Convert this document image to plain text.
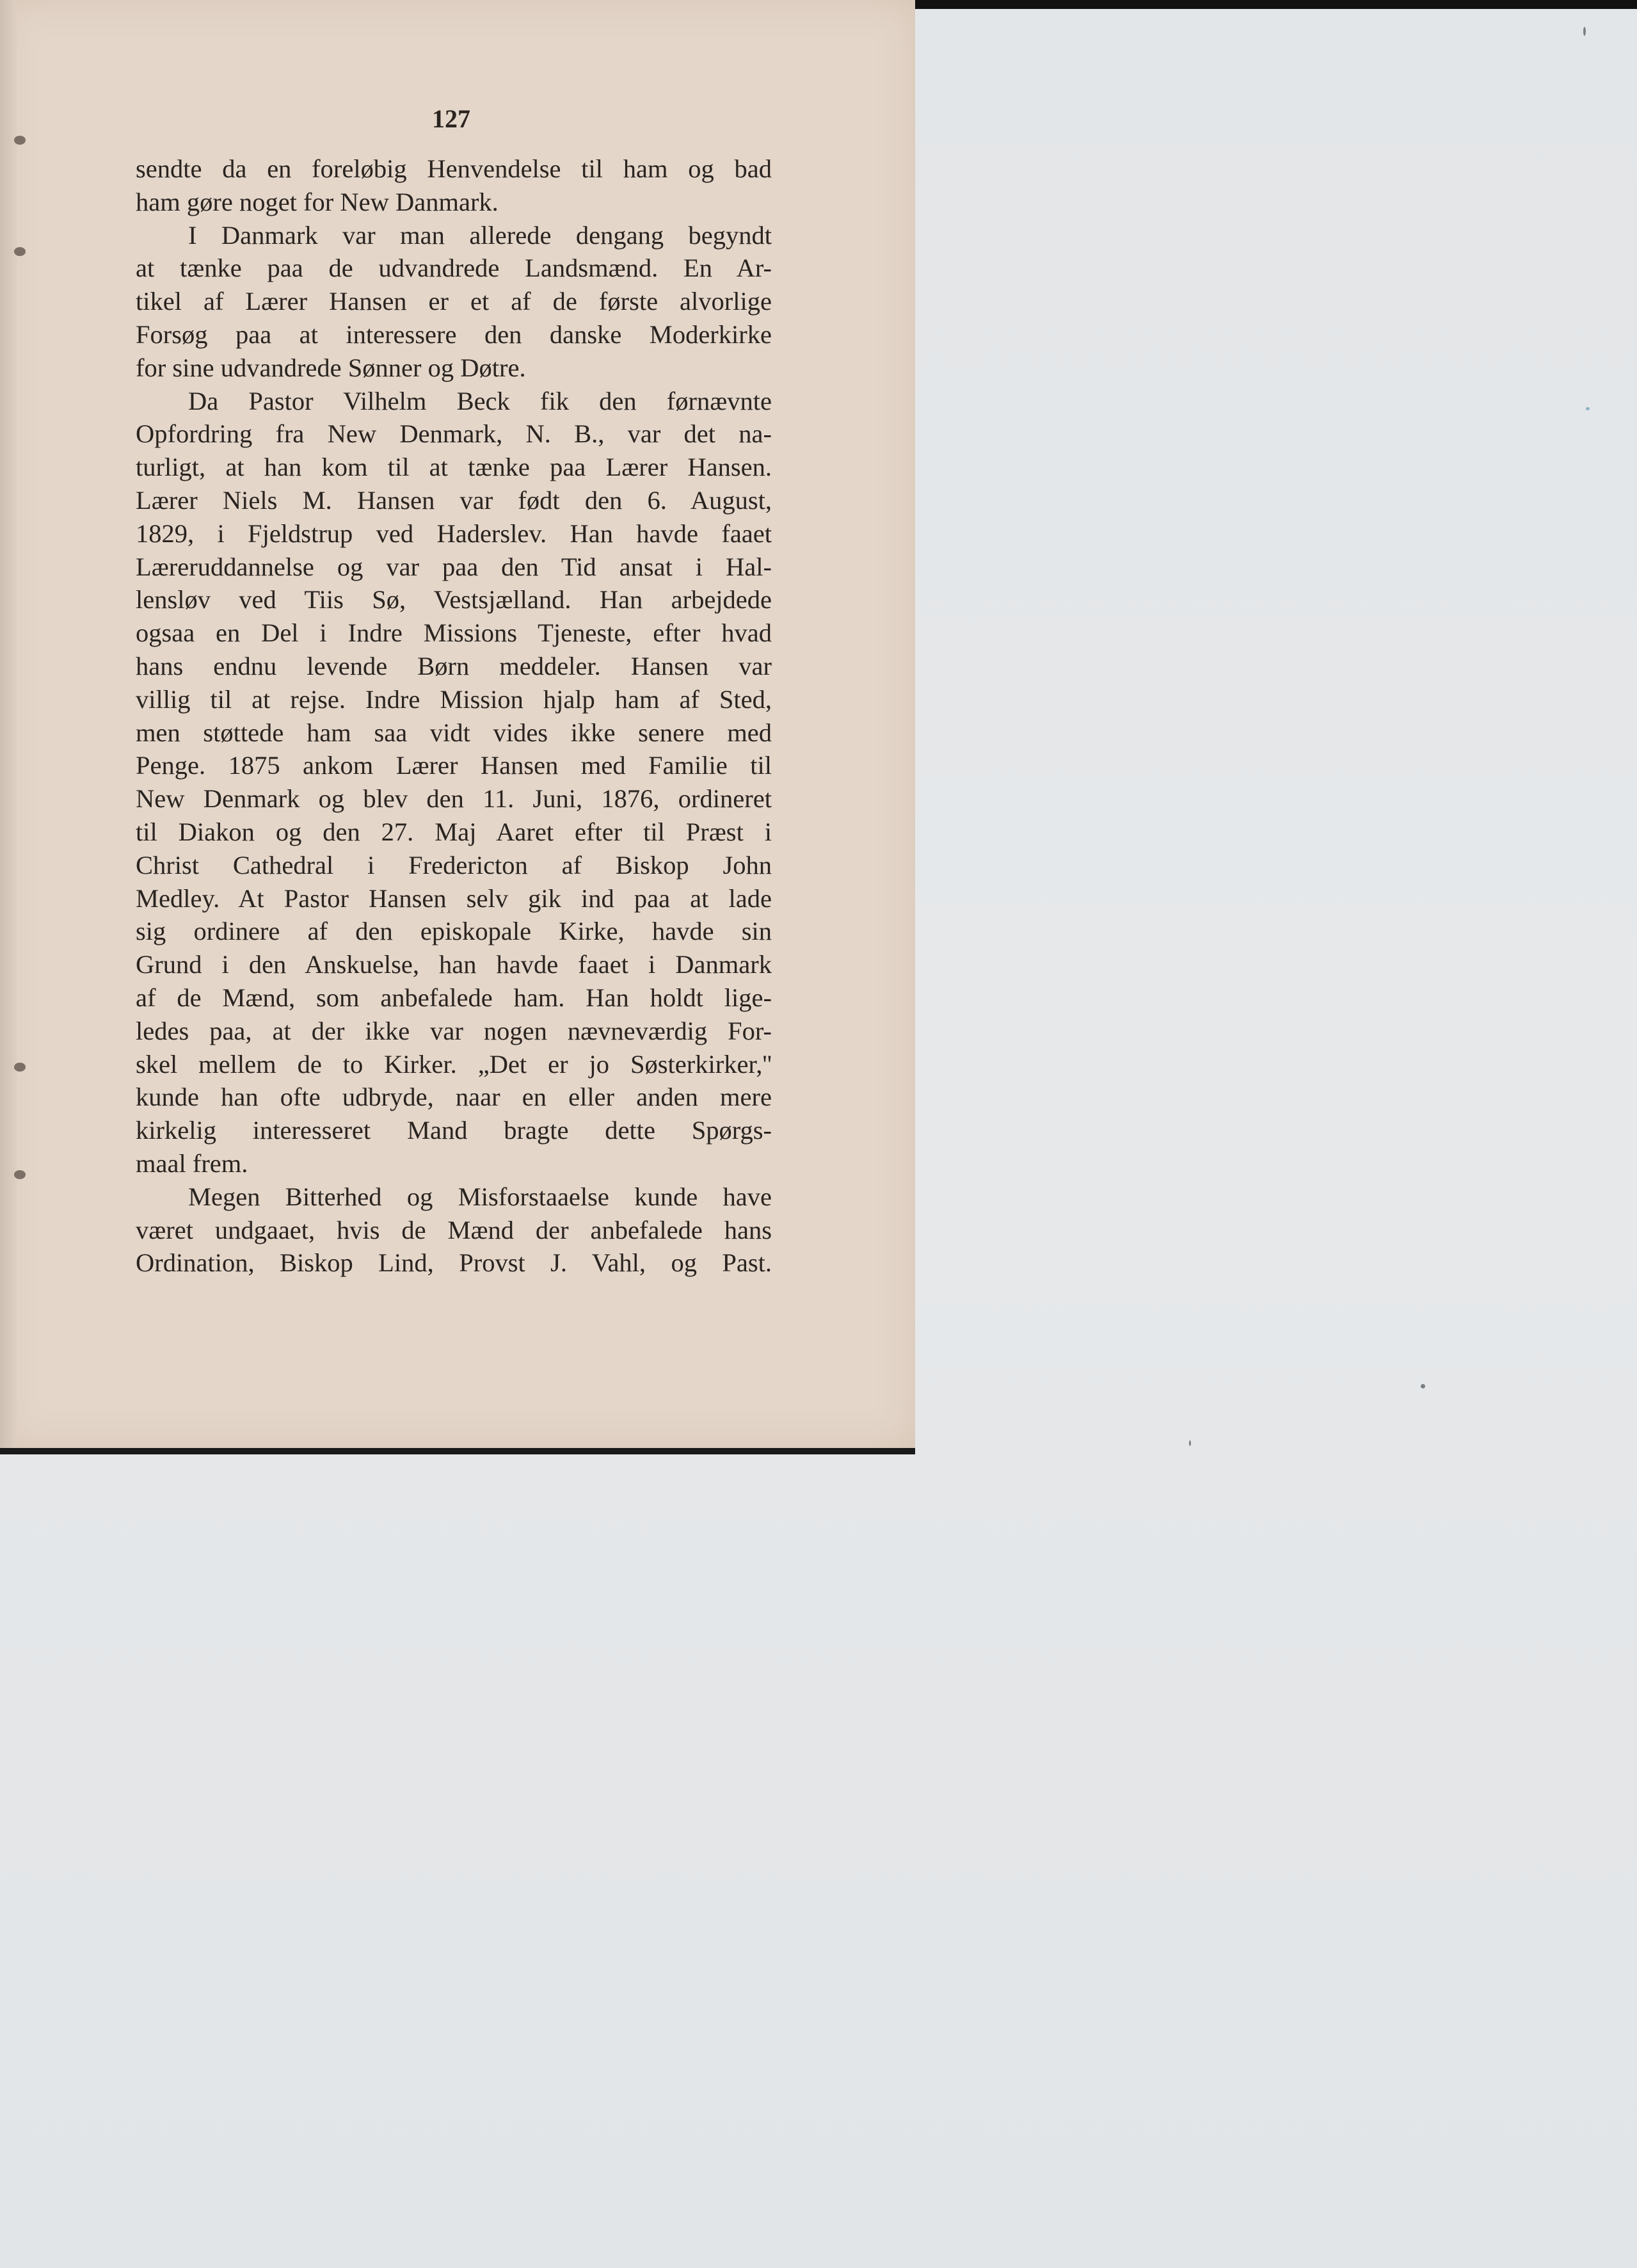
127
sendte da en foreløbig Henvendelse til ham og bad
ham gøre noget for New Danmark.
I Danmark var man allerede dengang begyndt
at tænke paa de udvandrede Landsmænd. En Ar-
tikel af Lærer Hansen er et af de første alvorlige
Forsøg paa at interessere den danske Moderkirke
for sine udvandrede Sønner og Døtre.
Da Pastor Vilhelm Beck fik den førnævnte
Opfordring fra New Denmark, N. B., var det na-
turligt, at han kom til at tænke paa Lærer Hansen.
Lærer Niels M. Hansen var født den 6. August,
1829, i Fjeldstrup ved Haderslev. Han havde faaet
Læreruddannelse og var paa den Tid ansat i Hal-
lensløv ved Tiis Sø, Vestsjælland. Han arbejdede
ogsaa en Del i Indre Missions Tjeneste, efter hvad
hans endnu levende Børn meddeler. Hansen var
villig til at rejse. Indre Mission hjalp ham af Sted,
men støttede ham saa vidt vides ikke senere med
Penge. 1875 ankom Lærer Hansen med Familie til
New Denmark og blev den 11. Juni, 1876, ordineret
til Diakon og den 27. Maj Aaret efter til Præst i
Christ Cathedral i Fredericton af Biskop John
Medley. At Pastor Hansen selv gik ind paa at lade
sig ordinere af den episkopale Kirke, havde sin
Grund i den Anskuelse, han havde faaet i Danmark
af de Mænd, som anbefalede ham. Han holdt lige-
ledes paa, at der ikke var nogen nævneværdig For-
skel mellem de to Kirker. „Det er jo Søsterkirker,''
kunde han ofte udbryde, naar en eller anden mere
kirkelig interesseret Mand bragte dette Spørgs-
maal frem.
Megen Bitterhed og Misforstaaelse kunde have
været undgaaet, hvis de Mænd der anbefalede hans
Ordination, Biskop Lind, Provst J. Vahl, og Past.
